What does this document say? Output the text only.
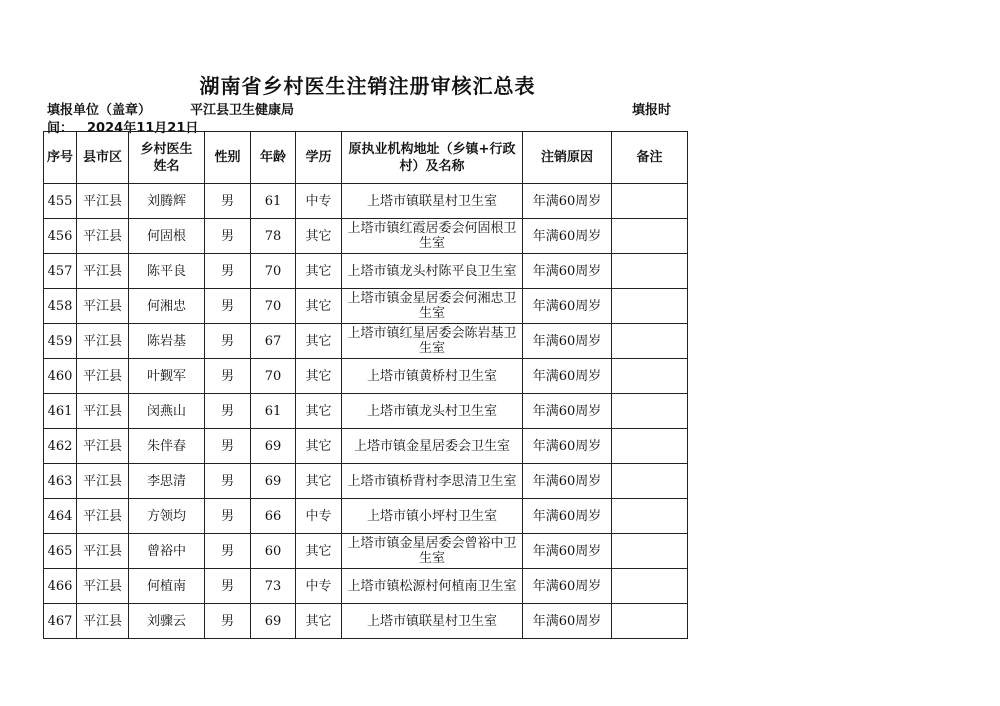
湖南省乡村医生注销注册审核汇总表
填报单位（盖章）	平江县卫生健康局	填报时
间： 2024年11月21日
序号	县市区	乡村医生姓名	性别	年龄	学历	原执业机构地址（乡镇+行政村）及名称	注销原因	备注
455	平江县	刘腾辉	男	61	中专	上塔市镇联星村卫生室	年满60周岁	
456	平江县	何固根	男	78	其它	上塔市镇红霞居委会何固根卫生室	年满60周岁	
457	平江县	陈平良	男	70	其它	上塔市镇龙头村陈平良卫生室	年满60周岁	
458	平江县	何湘忠	男	70	其它	上塔市镇金星居委会何湘忠卫生室	年满60周岁	
459	平江县	陈岩基	男	67	其它	上塔市镇红星居委会陈岩基卫生室	年满60周岁	
460	平江县	叶觐军	男	70	其它	上塔市镇黄桥村卫生室	年满60周岁	
461	平江县	闵燕山	男	61	其它	上塔市镇龙头村卫生室	年满60周岁	
462	平江县	朱伴春	男	69	其它	上塔市镇金星居委会卫生室	年满60周岁	
463	平江县	李思清	男	69	其它	上塔市镇桥背村李思清卫生室	年满60周岁	
464	平江县	方领均	男	66	中专	上塔市镇小坪村卫生室	年满60周岁	
465	平江县	曾裕中	男	60	其它	上塔市镇金星居委会曾裕中卫生室	年满60周岁	
466	平江县	何植南	男	73	中专	上塔市镇松源村何植南卫生室	年满60周岁	
467	平江县	刘骤云	男	69	其它	上塔市镇联星村卫生室	年满60周岁	
